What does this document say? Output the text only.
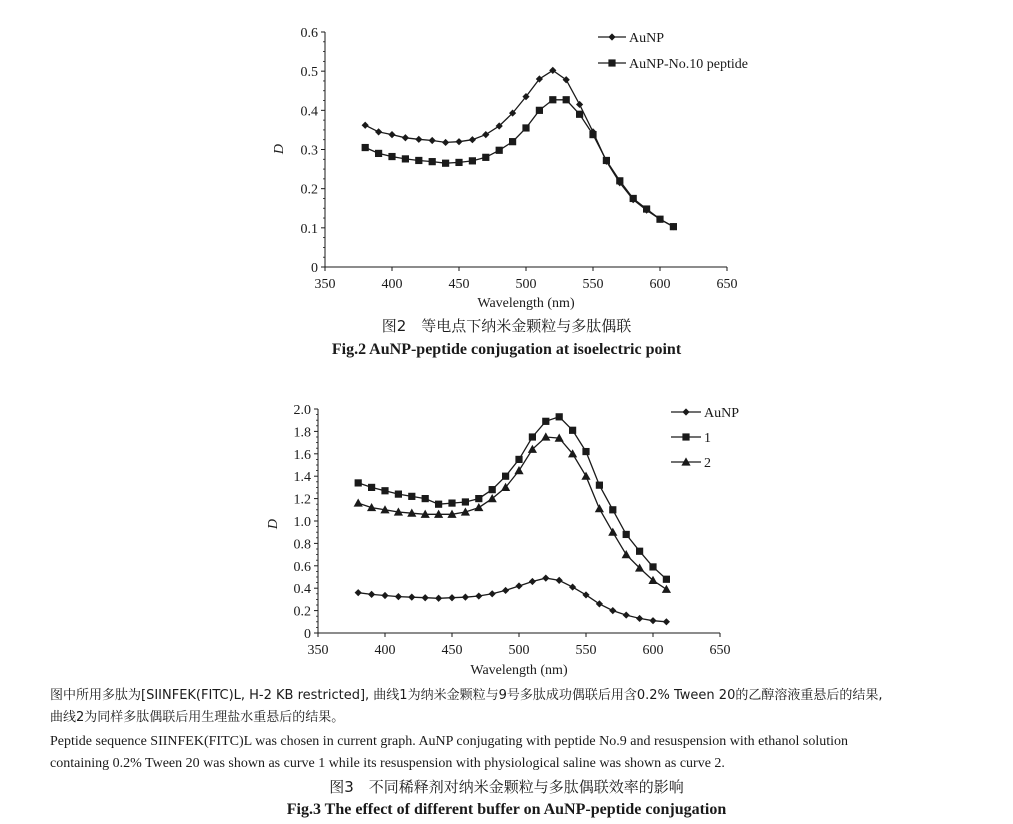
350	400	450	500	550	600	650
0
0.1
0.2
0.3
0.4
0.5
0.6
Wavelength (nm)
D
AuNP
AuNP-No.10 peptide
图2　等电点下纳米金颗粒与多肽偶联
Fig.2 AuNP-peptide conjugation at isoelectric point
350	400	450	500	550	600	650
0
0.2
0.4
0.6
0.8
1.0
1.2
1.4
1.6
1.8
2.0
Wavelength (nm)
D
AuNP
1
2
图中所用多肽为[SIINFEK(FITC)L, H-2 KB restricted], 曲线1为纳米金颗粒与9号多肽成功偶联后用含0.2% Tween 20的乙醇溶液重悬后的结果,
曲线2为同样多肽偶联后用生理盐水重悬后的结果。
Peptide sequence SIINFEK(FITC)L was chosen in current graph. AuNP conjugating with peptide No.9 and resuspension with ethanol solution
containing 0.2% Tween 20 was shown as curve 1 while its resuspension with physiological saline was shown as curve 2.
图3　不同稀释剂对纳米金颗粒与多肽偶联效率的影响
Fig.3 The effect of different buffer on AuNP-peptide conjugation
